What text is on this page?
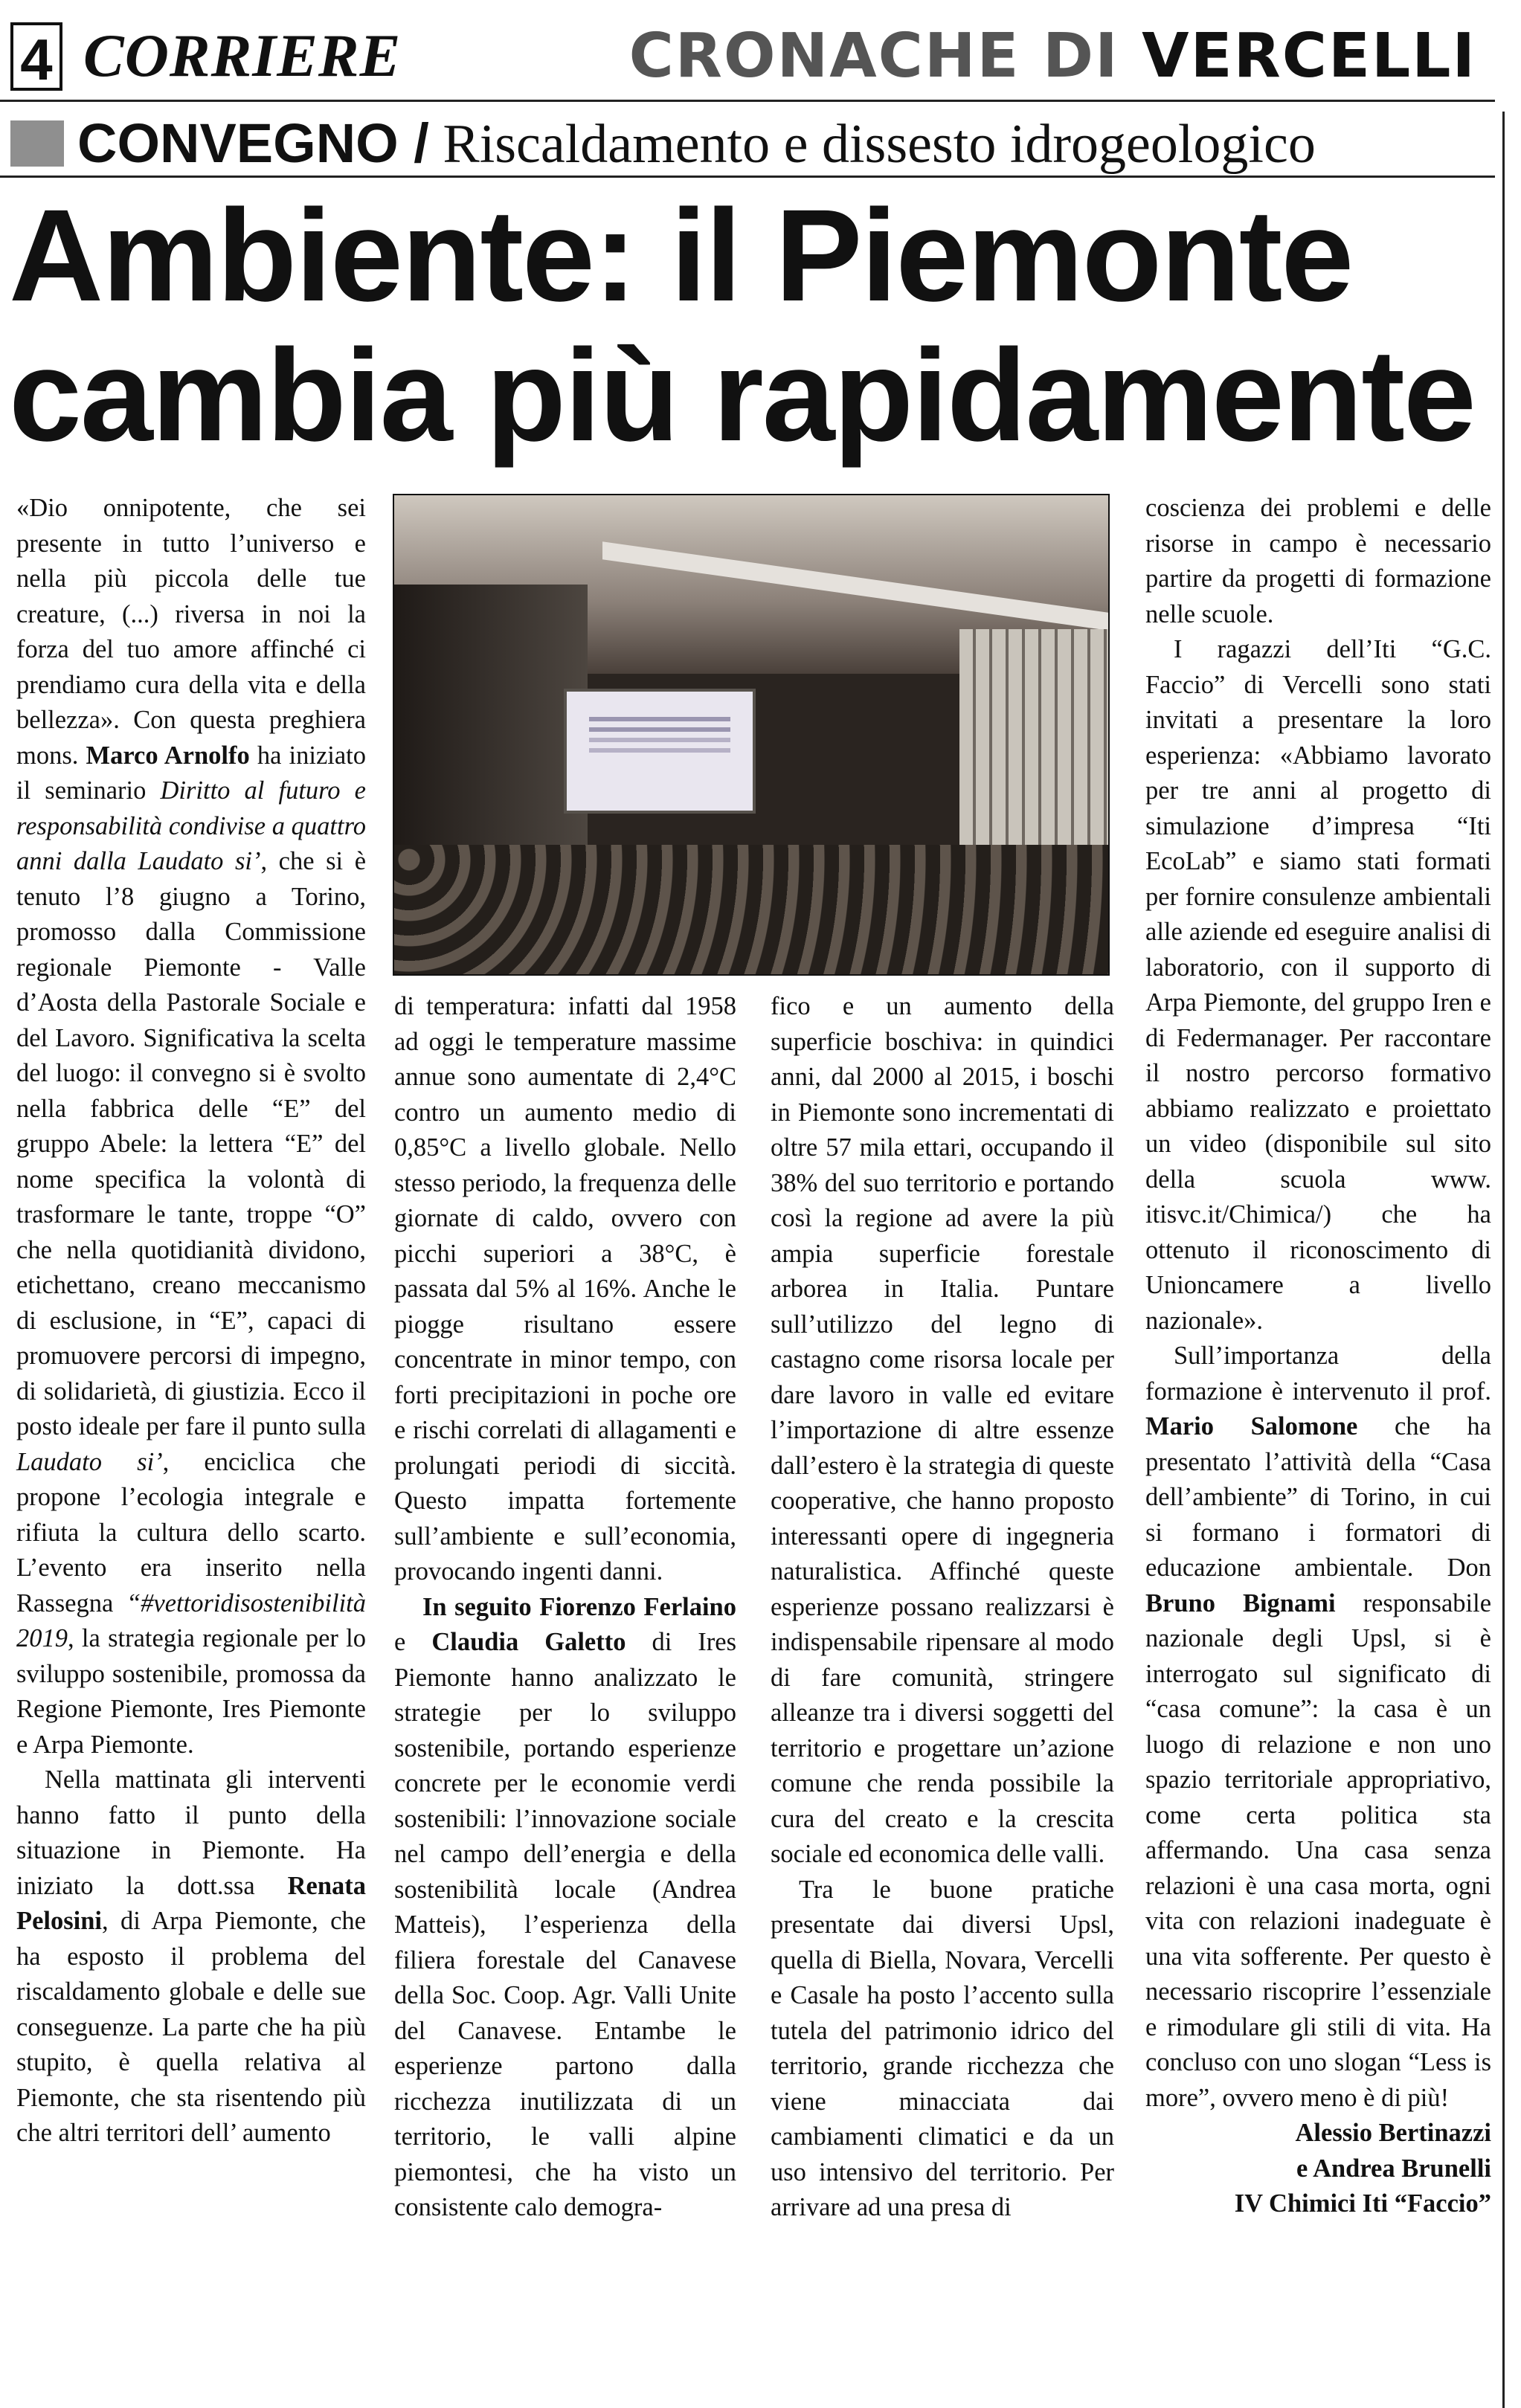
4 CORRIERE	CRONACHE DI VERCELLI
CONVEGNO / Riscaldamento e dissesto idrogeologico
Ambiente: il Piemonte
cambia più rapidamente

«Dio onnipotente, che sei presente in tutto l’universo e nella più piccola delle tue creature, (...) riversa in noi la forza del tuo amore affinché ci prendiamo cura della vita e della bellezza». Con questa preghiera mons. Marco Arnolfo ha iniziato il seminario Diritto al futuro e responsabilità condivise a quattro anni dalla Laudato si’, che si è tenuto l’8 giugno a Torino, promosso dalla Commissione regionale Piemonte - Valle d’Aosta della Pastorale Sociale e del Lavoro. Significativa la scelta del luogo: il convegno si è svolto nella fabbrica delle “E” del gruppo Abele: la lettera “E” del nome specifica la volontà di trasformare le tante, troppe “O” che nella quotidianità dividono, etichettano, creano meccanismo di esclusione, in “E”, capaci di promuovere percorsi di impegno, di solidarietà, di giustizia. Ecco il posto ideale per fare il punto sulla Laudato si’, enciclica che propone l’ecologia integrale e rifiuta la cultura dello scarto. L’evento era inserito nella Rassegna “#vettoridisostenibilità 2019, la strategia regionale per lo sviluppo sostenibile, promossa da Regione Piemonte, Ires Piemonte e Arpa Piemonte.

Nella mattinata gli interventi hanno fatto il punto della situazione in Piemonte. Ha iniziato la dott.ssa Renata Pelosini, di Arpa Piemonte, che ha esposto il problema del riscaldamento globale e delle sue conseguenze. La parte che ha più stupito, è quella relativa al Piemonte, che sta risentendo più che altri territori dell’ aumento

di temperatura: infatti dal 1958 ad oggi le temperature massime annue sono aumentate di 2,4°C contro un aumento medio di 0,85°C a livello globale. Nello stesso periodo, la frequenza delle giornate di caldo, ovvero con picchi superiori a 38°C, è passata dal 5% al 16%. Anche le piogge risultano essere concentrate in minor tempo, con forti precipitazioni in poche ore e rischi correlati di allagamenti e prolungati periodi di siccità. Questo impatta fortemente sull’ambiente e sull’economia, provocando ingenti danni.

In seguito Fiorenzo Ferlaino e Claudia Galetto di Ires Piemonte hanno analizzato le strategie per lo sviluppo sostenibile, portando esperienze concrete per le economie verdi sostenibili: l’innovazione sociale nel campo dell’energia e della sostenibilità locale (Andrea Matteis), l’esperienza della filiera forestale del Canavese della Soc. Coop. Agr. Valli Unite del Canavese. Entambe le esperienze partono dalla ricchezza inutilizzata di un territorio, le valli alpine piemontesi, che ha visto un consistente calo demogra-

fico e un aumento della superficie boschiva: in quindici anni, dal 2000 al 2015, i boschi in Piemonte sono incrementati di oltre 57 mila ettari, occupando il 38% del suo territorio e portando così la regione ad avere la più ampia superficie forestale arborea in Italia. Puntare sull’utilizzo del legno di castagno come risorsa locale per dare lavoro in valle ed evitare l’importazione di altre essenze dall’estero è la strategia di queste cooperative, che hanno proposto interessanti opere di ingegneria naturalistica. Affinché queste esperienze possano realizzarsi è indispensabile ripensare al modo di fare comunità, stringere alleanze tra i diversi soggetti del territorio e progettare un’azione comune che renda possibile la cura del creato e la crescita sociale ed economica delle valli.

Tra le buone pratiche presentate dai diversi Upsl, quella di Biella, Novara, Vercelli e Casale ha posto l’accento sulla tutela del patrimonio idrico del territorio, grande ricchezza che viene minacciata dai cambiamenti climatici e da un uso intensivo del territorio. Per arrivare ad una presa di

coscienza dei problemi e delle risorse in campo è necessario partire da progetti di formazione nelle scuole.

I ragazzi dell’Iti “G.C. Faccio” di Vercelli sono stati invitati a presentare la loro esperienza: «Abbiamo lavorato per tre anni al progetto di simulazione d’impresa “Iti EcoLab” e siamo stati formati per fornire consulenze ambientali alle aziende ed eseguire analisi di laboratorio, con il supporto di Arpa Piemonte, del gruppo Iren e di Federmanager. Per raccontare il nostro percorso formativo abbiamo realizzato e proiettato un video (disponibile sul sito della scuola www. itisvc.it/Chimica/) che ha ottenuto il riconoscimento di Unioncamere a livello nazionale».

Sull’importanza della formazione è intervenuto il prof. Mario Salomone che ha presentato l’attività della “Casa dell’ambiente” di Torino, in cui si formano i formatori di educazione ambientale. Don Bruno Bignami responsabile nazionale degli Upsl, si è interrogato sul significato di “casa comune”: la casa è un luogo di relazione e non uno spazio territoriale appropriativo, come certa politica sta affermando. Una casa senza relazioni è una casa morta, ogni vita con relazioni inadeguate è una vita sofferente. Per questo è necessario riscoprire l’essenziale e rimodulare gli stili di vita. Ha concluso con uno slogan “Less is more”, ovvero meno è di più!

Alessio Bertinazzi
e Andrea Brunelli
IV Chimici Iti “Faccio”
